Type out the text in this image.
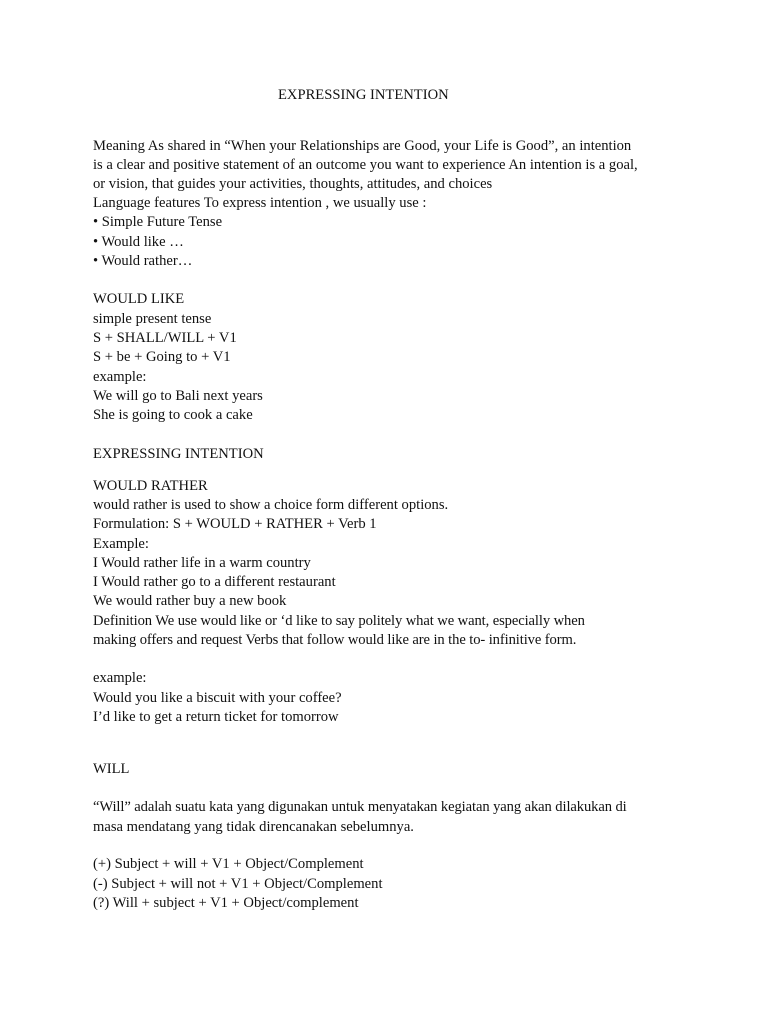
EXPRESSING INTENTION
Meaning As shared in “When your Relationships are Good, your Life is Good”, an intention
is a clear and positive statement of an outcome you want to experience An intention is a goal,
or vision, that guides your activities, thoughts, attitudes, and choices
Language features To express intention , we usually use :
• Simple Future Tense
• Would like …
• Would rather…
WOULD LIKE
simple present tense
S + SHALL/WILL + V1
S + be + Going to + V1
example:
We will go to Bali next years
She is going to cook a cake
EXPRESSING INTENTION
WOULD RATHER
would rather is used to show a choice form different options.
Formulation: S + WOULD + RATHER + Verb 1
Example:
I Would rather life in a warm country
I Would rather go to a different restaurant
We would rather buy a new book
Definition We use would like or ‘d like to say politely what we want, especially when
making offers and request Verbs that follow would like are in the to- infinitive form.
example:
Would you like a biscuit with your coffee?
I’d like to get a return ticket for tomorrow
WILL
“Will” adalah suatu kata yang digunakan untuk menyatakan kegiatan yang akan dilakukan di
masa mendatang yang tidak direncanakan sebelumnya.
(+) Subject + will + V1 + Object/Complement
(-) Subject + will not + V1 + Object/Complement
(?) Will + subject + V1 + Object/complement
